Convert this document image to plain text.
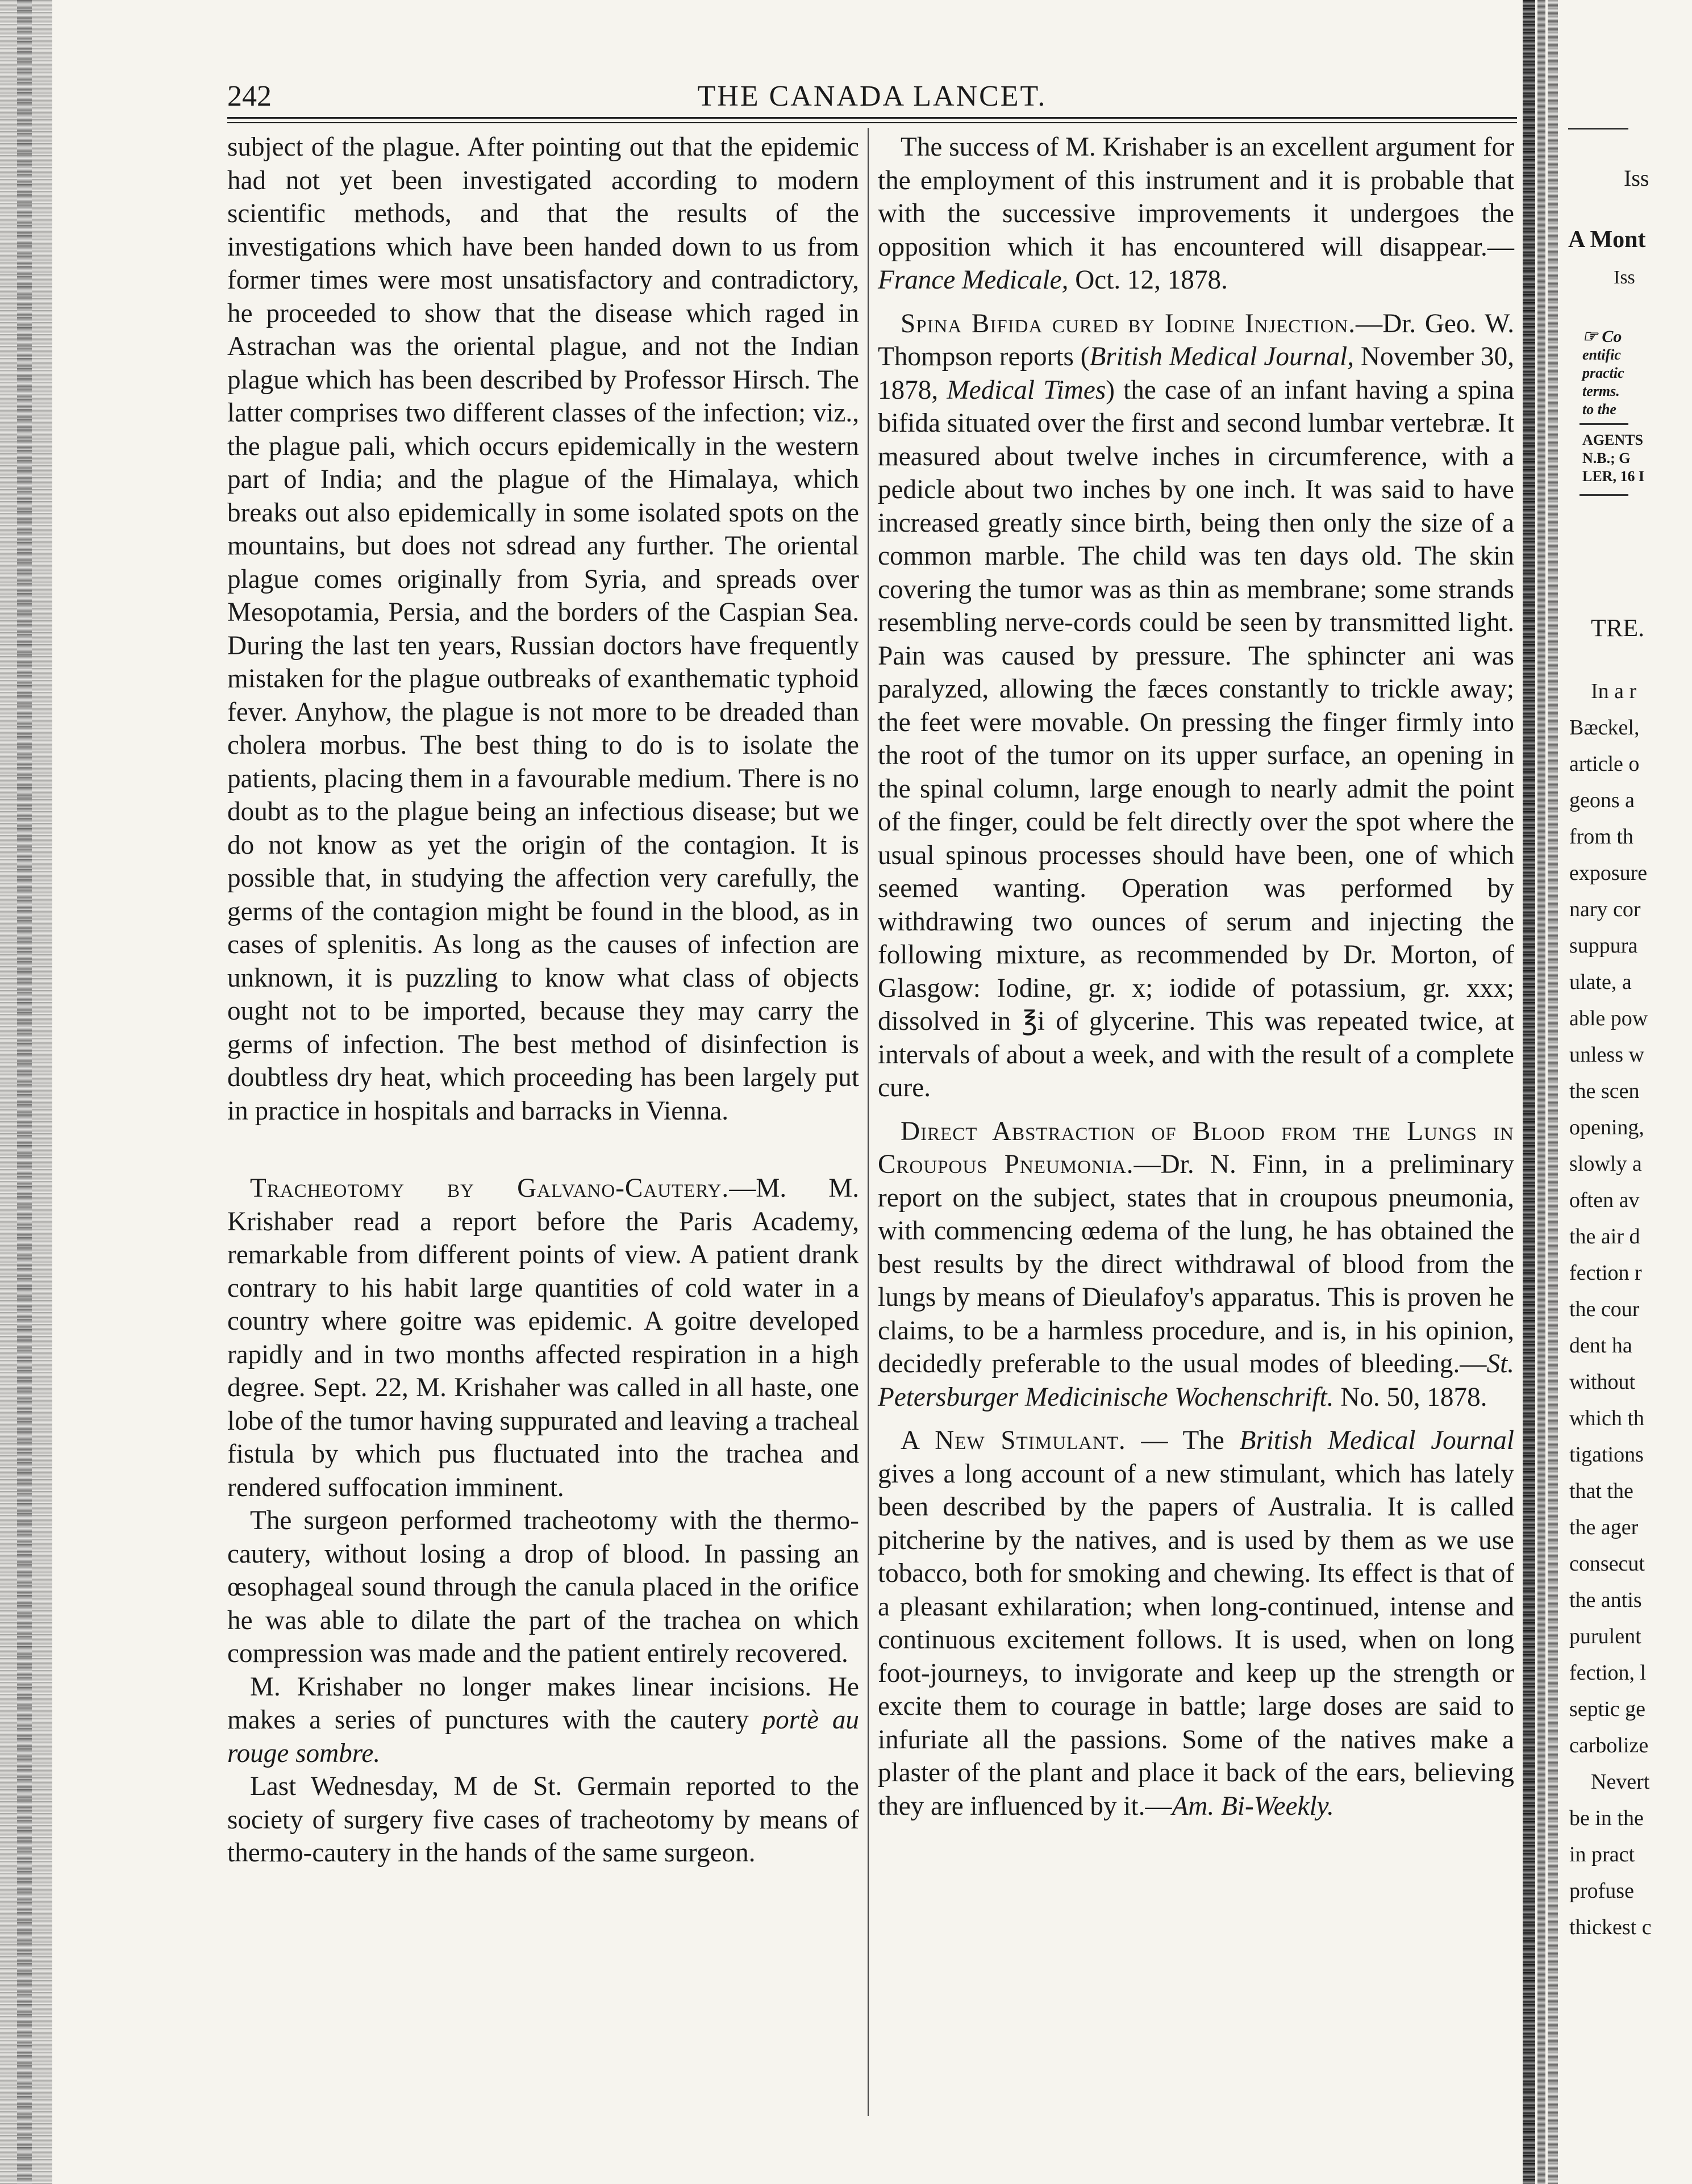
THE CANADA LANCET.
242

subject of the plague. After pointing out that the epidemic had not yet been investigated according to modern scientific methods, and that the results of the investigations which have been handed down to us from former times were most unsatisfactory and contradictory, he proceeded to show that the disease which raged in Astrachan was the oriental plague, and not the Indian plague which has been described by Professor Hirsch. The latter comprises two different classes of the infection; viz., the plague pali, which occurs epidemically in the western part of India; and the plague of the Himalaya, which breaks out also epidemically in some isolated spots on the mountains, but does not sdread any further. The oriental plague comes originally from Syria, and spreads over Mesopotamia, Persia, and the borders of the Caspian Sea. During the last ten years, Russian doctors have frequently mistaken for the plague outbreaks of exanthematic typhoid fever. Anyhow, the plague is not more to be dreaded than cholera morbus. The best thing to do is to isolate the patients, placing them in a favourable medium. There is no doubt as to the plague being an infectious disease; but we do not know as yet the origin of the contagion. It is possible that, in studying the affection very carefully, the germs of the contagion might be found in the blood, as in cases of splenitis. As long as the causes of infection are unknown, it is puzzling to know what class of objects ought not to be imported, because they may carry the germs of infection. The best method of disinfection is doubtless dry heat, which proceeding has been largely put in practice in hospitals and barracks in Vienna.

Tracheotomy by Galvano-Cautery.—M. M. Krishaber read a report before the Paris Academy, remarkable from different points of view. A patient drank contrary to his habit large quantities of cold water in a country where goitre was epidemic. A goitre developed rapidly and in two months affected respiration in a high degree. Sept. 22, M. Krishaher was called in all haste, one lobe of the tumor having suppurated and leaving a tracheal fistula by which pus fluctuated into the trachea and rendered suffocation imminent.

The surgeon performed tracheotomy with the thermo-cautery, without losing a drop of blood. In passing an œsophageal sound through the canula placed in the orifice he was able to dilate the part of the trachea on which compression was made and the patient entirely recovered.

M. Krishaber no longer makes linear incisions. He makes a series of punctures with the cautery portè au rouge sombre.

Last Wednesday, M de St. Germain reported to the society of surgery five cases of tracheotomy by means of thermo-cautery in the hands of the same surgeon.

The success of M. Krishaber is an excellent argument for the employment of this instrument and it is probable that with the successive improvements it undergoes the opposition which it has encountered will disappear.—France Medicale, Oct. 12, 1878.

Spina Bifida cured by Iodine Injection.—Dr. Geo. W. Thompson reports (British Medical Journal, November 30, 1878, Medical Times) the case of an infant having a spina bifida situated over the first and second lumbar vertebræ. It measured about twelve inches in circumference, with a pedicle about two inches by one inch. It was said to have increased greatly since birth, being then only the size of a common marble. The child was ten days old. The skin covering the tumor was as thin as membrane; some strands resembling nerve-cords could be seen by transmitted light. Pain was caused by pressure. The sphincter ani was paralyzed, allowing the fæces constantly to trickle away; the feet were movable. On pressing the finger firmly into the root of the tumor on its upper surface, an opening in the spinal column, large enough to nearly admit the point of the finger, could be felt directly over the spot where the usual spinous processes should have been, one of which seemed wanting. Operation was performed by withdrawing two ounces of serum and injecting the following mixture, as recommended by Dr. Morton, of Glasgow: Iodine, gr. x; iodide of potassium, gr. xxx; dissolved in ℥i of glycerine. This was repeated twice, at intervals of about a week, and with the result of a complete cure.

Direct Abstraction of Blood from the Lungs in Croupous Pneumonia.—Dr. N. Finn, in a preliminary report on the subject, states that in croupous pneumonia, with commencing œdema of the lung, he has obtained the best results by the direct withdrawal of blood from the lungs by means of Dieulafoy's apparatus. This is proven he claims, to be a harmless procedure, and is, in his opinion, decidedly preferable to the usual modes of bleeding.—St. Petersburger Medicinische Wochenschrift. No. 50, 1878.

A New Stimulant. — The British Medical Journal gives a long account of a new stimulant, which has lately been described by the papers of Australia. It is called pitcherine by the natives, and is used by them as we use tobacco, both for smoking and chewing. Its effect is that of a pleasant exhilaration; when long-continued, intense and continuous excitement follows. It is used, when on long foot-journeys, to invigorate and keep up the strength or excite them to courage in battle; large doses are said to infuriate all the passions. Some of the natives make a plaster of the plant and place it back of the ears, believing they are influenced by it.—Am. Bi-Weekly.

Iss
A Mont
Iss
☞ Co
entific
practic
terms.
to the
AGENTS
N.B.; G
LER, 16 I
TRE.
In a r
Bæckel,
article o
geons a
from th
exposure
nary cor
suppura
ulate, a
able pow
unless w
the scen
opening,
slowly a
often av
the air d
fection r
the cour
dent ha
without
which th
tigations
that the
the ager
consecut
the antis
purulent
fection, l
septic ge
carbolize
Nevert
be in the
in pract
profuse
thickest c
